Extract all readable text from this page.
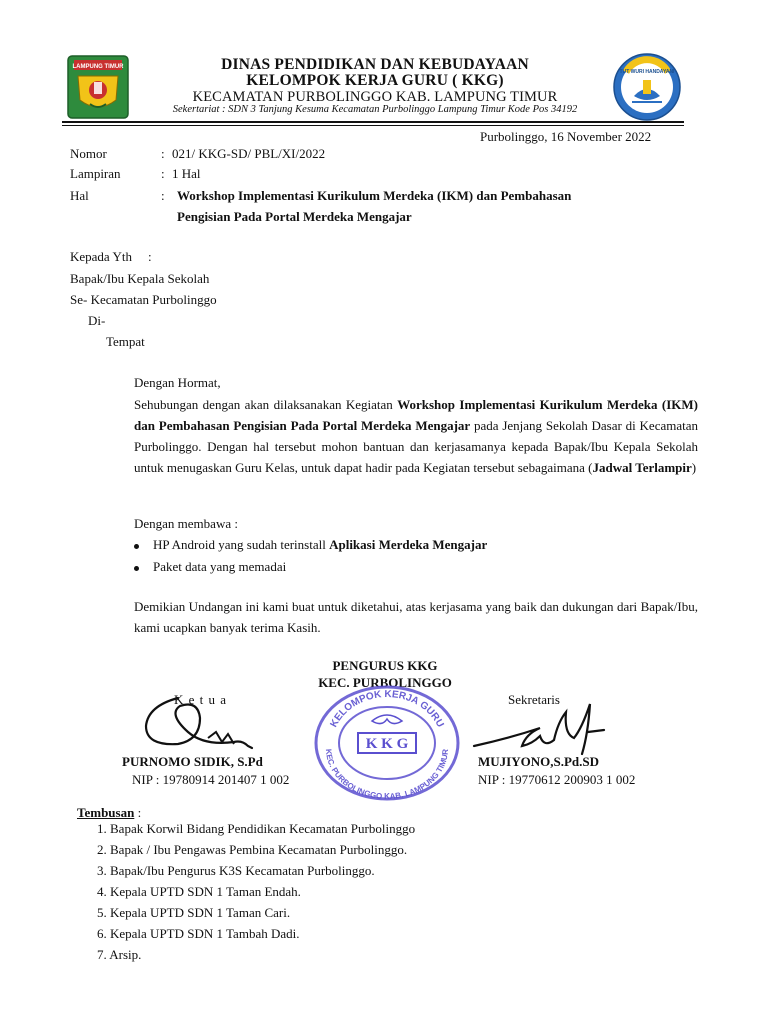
LAMPUNG TIMUR
TUT WURI HANDAYANI
DINAS PENDIDIKAN DAN KEBUDAYAAN
KELOMPOK KERJA GURU ( KKG)
KECAMATAN PURBOLINGGO KAB. LAMPUNG TIMUR
Sekertariat : SDN 3 Tanjung Kesuma Kecamatan Purbolinggo Lampung Timur Kode Pos 34192
Purbolinggo, 16 November 2022
Nomor	: 021/ KKG-SD/ PBL/XI/2022
Lampiran	: 1 Hal
Hal	: Workshop Implementasi Kurikulum Merdeka (IKM) dan Pembahasan
Pengisian Pada Portal Merdeka Mengajar
Kepada Yth :
Bapak/Ibu Kepala Sekolah
Se- Kecamatan Purbolinggo
Di-
Tempat
Dengan Hormat,
Sehubungan dengan akan dilaksanakan Kegiatan Workshop Implementasi Kurikulum Merdeka (IKM) dan Pembahasan Pengisian Pada Portal Merdeka Mengajar pada Jenjang Sekolah Dasar di Kecamatan Purbolinggo. Dengan hal tersebut mohon bantuan dan kerjasamanya kepada Bapak/Ibu Kepala Sekolah untuk menugaskan Guru Kelas, untuk dapat hadir pada Kegiatan tersebut sebagaimana (Jadwal Terlampir)
Dengan membawa :
HP Android yang sudah terinstall Aplikasi Merdeka Mengajar
Paket data yang memadai
Demikian Undangan ini kami buat untuk diketahui, atas kerjasama yang baik dan dukungan dari Bapak/Ibu, kami ucapkan banyak terima Kasih.
PENGURUS KKG
KEC. PURBOLINGGO
K e t u a	Sekretaris
KELOMPOK KERJA GURU
KEC. PURBOLINGGO KAB. LAMPUNG TIMUR
K K G
PURNOMO SIDIK, S.Pd
NIP : 19780914 201407 1 002
MUJIYONO,S.Pd.SD
NIP : 19770612 200903 1 002
Tembusan :
1. Bapak Korwil Bidang Pendidikan Kecamatan Purbolinggo
2. Bapak / Ibu Pengawas Pembina Kecamatan Purbolinggo.
3. Bapak/Ibu Pengurus K3S Kecamatan Purbolinggo.
4. Kepala UPTD SDN 1 Taman Endah.
5. Kepala UPTD SDN 1 Taman Cari.
6. Kepala UPTD SDN 1 Tambah Dadi.
7. Arsip.
